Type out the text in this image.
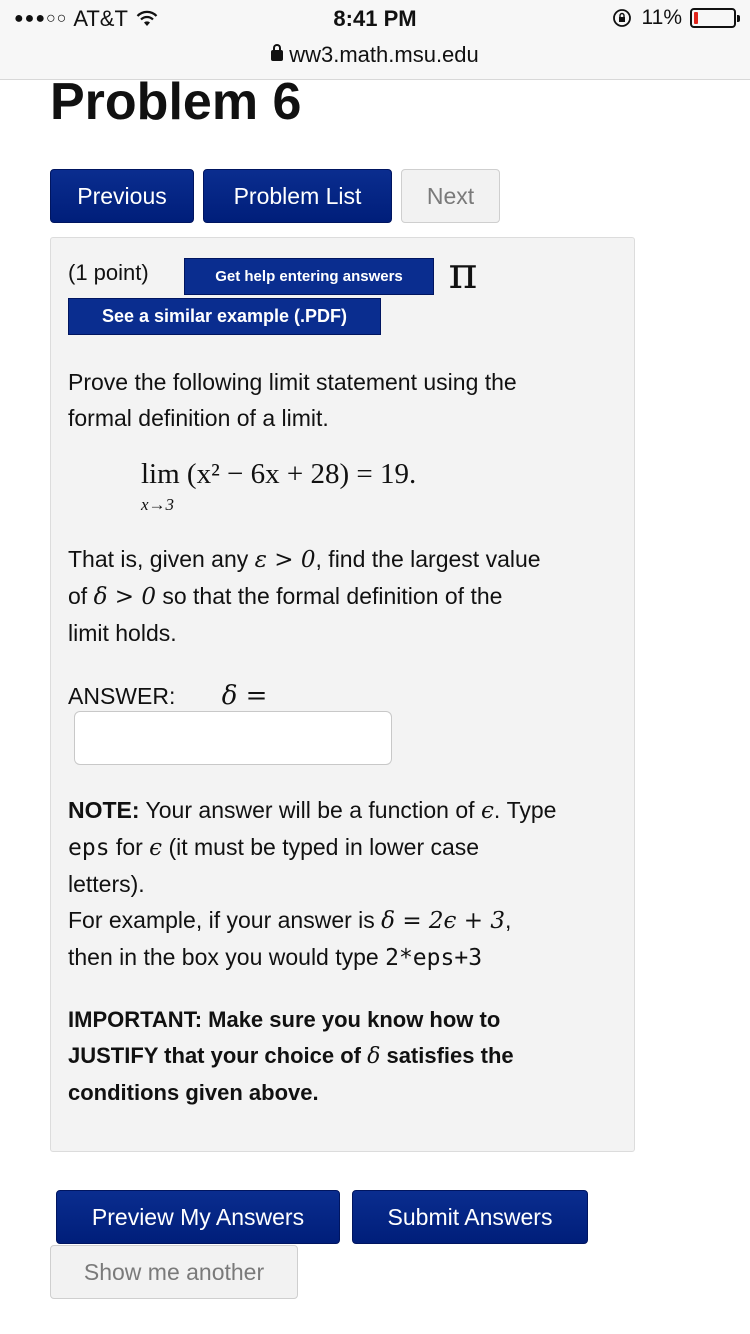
●●●○○ AT&T	8:41 PM	11%
ww3.math.msu.edu
Problem 6
Previous	Problem List	Next
(1 point)	Get help entering answers	π
See a similar example (.PDF)
Prove the following limit statement using the
formal definition of a limit.
lim (x² − 6x + 28) = 19.
x→3
That is, given any ε > 0, find the largest value
of δ > 0 so that the formal definition of the
limit holds.
ANSWER: δ =
NOTE: Your answer will be a function of ϵ. Type
eps for ϵ (it must be typed in lower case
letters).
For example, if your answer is δ = 2ϵ + 3,
then in the box you would type 2*eps+3
IMPORTANT: Make sure you know how to
JUSTIFY that your choice of δ satisfies the
conditions given above.
Preview My Answers	Submit Answers
Show me another
